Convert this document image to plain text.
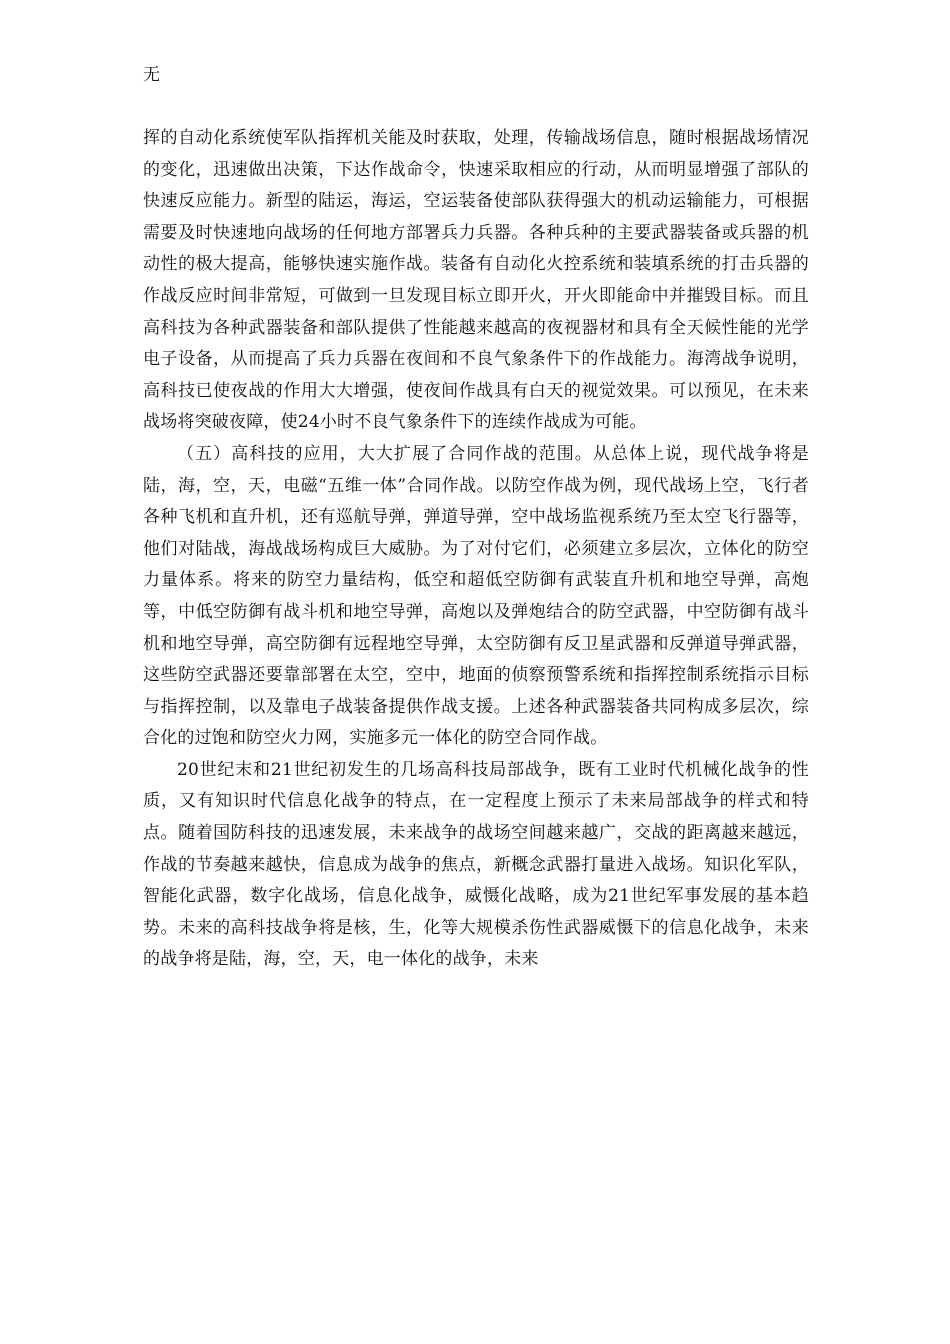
无

挥的自动化系统使军队指挥机关能及时获取，处理，传输战场信息，随时根据战场情况的变化，迅速做出决策，下达作战命令，快速采取相应的行动，从而明显增强了部队的快速反应能力。新型的陆运，海运，空运装备使部队获得强大的机动运输能力，可根据需要及时快速地向战场的任何地方部署兵力兵器。各种兵种的主要武器装备或兵器的机动性的极大提高，能够快速实施作战。装备有自动化火控系统和装填系统的打击兵器的作战反应时间非常短，可做到一旦发现目标立即开火，开火即能命中并摧毁目标。而且高科技为各种武器装备和部队提供了性能越来越高的夜视器材和具有全天候性能的光学电子设备，从而提高了兵力兵器在夜间和不良气象条件下的作战能力。海湾战争说明，高科技已使夜战的作用大大增强，使夜间作战具有白天的视觉效果。可以预见，在未来战场将突破夜障，使24小时不良气象条件下的连续作战成为可能。

（五）高科技的应用，大大扩展了合同作战的范围。从总体上说，现代战争将是陆，海，空，天，电磁“五维一体”合同作战。以防空作战为例，现代战场上空，飞行者各种飞机和直升机，还有巡航导弹，弹道导弹，空中战场监视系统乃至太空飞行器等，他们对陆战，海战战场构成巨大威胁。为了对付它们，必须建立多层次，立体化的防空力量体系。将来的防空力量结构，低空和超低空防御有武装直升机和地空导弹，高炮等，中低空防御有战斗机和地空导弹，高炮以及弹炮结合的防空武器，中空防御有战斗机和地空导弹，高空防御有远程地空导弹，太空防御有反卫星武器和反弹道导弹武器，这些防空武器还要靠部署在太空，空中，地面的侦察预警系统和指挥控制系统指示目标与指挥控制，以及靠电子战装备提供作战支援。上述各种武器装备共同构成多层次，综合化的过饱和防空火力网，实施多元一体化的防空合同作战。

20世纪末和21世纪初发生的几场高科技局部战争，既有工业时代机械化战争的性质，又有知识时代信息化战争的特点，在一定程度上预示了未来局部战争的样式和特点。随着国防科技的迅速发展，未来战争的战场空间越来越广，交战的距离越来越远，作战的节奏越来越快，信息成为战争的焦点，新概念武器打量进入战场。知识化军队，智能化武器，数字化战场，信息化战争，威慑化战略，成为21世纪军事发展的基本趋势。未来的高科技战争将是核，生，化等大规模杀伤性武器威慑下的信息化战争，未来的战争将是陆，海，空，天，电一体化的战争，未来
